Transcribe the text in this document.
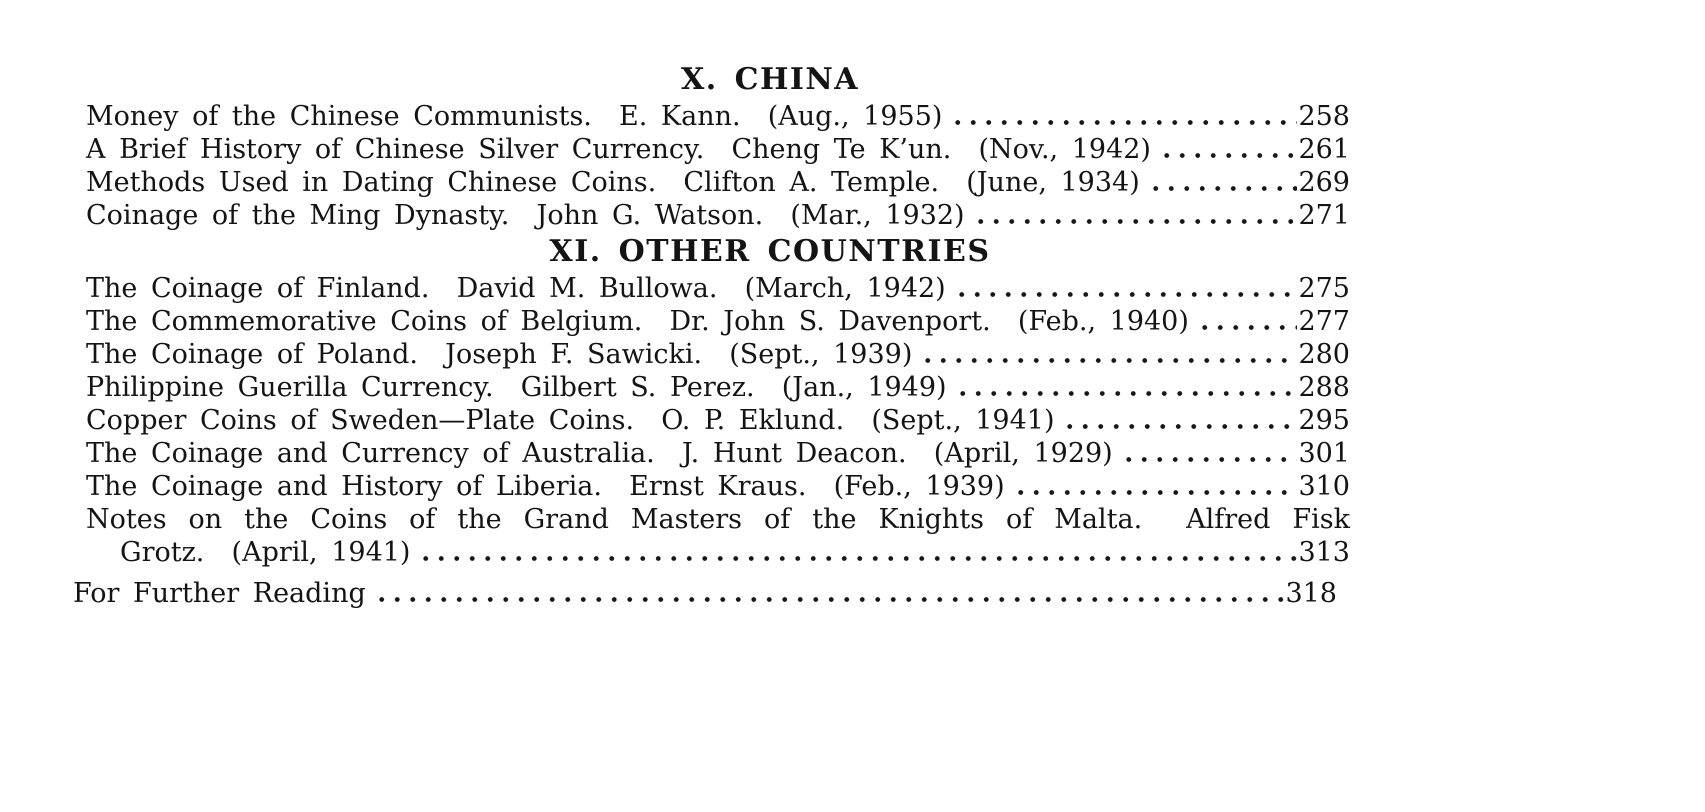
X. CHINA
Money of the Chinese Communists.  E. Kann.  (Aug., 1955)	258
A Brief History of Chinese Silver Currency.  Cheng Te K’un.  (Nov., 1942)	261
Methods Used in Dating Chinese Coins.  Clifton A. Temple.  (June, 1934)	269
Coinage of the Ming Dynasty.  John G. Watson.  (Mar., 1932)	271
XI. OTHER COUNTRIES
The Coinage of Finland.  David M. Bullowa.  (March, 1942)	275
The Commemorative Coins of Belgium.  Dr. John S. Davenport.  (Feb., 1940)	277
The Coinage of Poland.  Joseph F. Sawicki.  (Sept., 1939)	280
Philippine Guerilla Currency.  Gilbert S. Perez.  (Jan., 1949)	288
Copper Coins of Sweden—Plate Coins.  O. P. Eklund.  (Sept., 1941)	295
The Coinage and Currency of Australia.  J. Hunt Deacon.  (April, 1929)	301
The Coinage and History of Liberia.  Ernst Kraus.  (Feb., 1939)	310
Notes on the Coins of the Grand Masters of the Knights of Malta.  Alfred Fisk
Grotz.  (April, 1941)	313
For Further Reading	318
